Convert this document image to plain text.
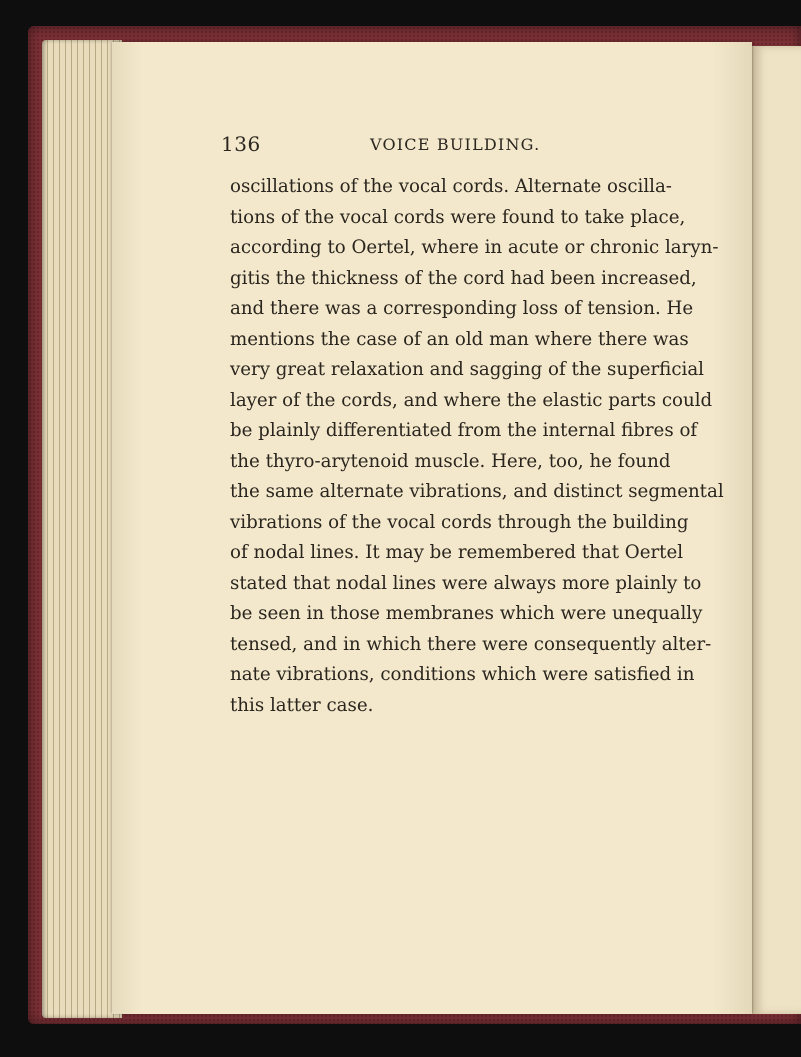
136	VOICE BUILDING.
oscillations of the vocal cords. Alternate oscilla-
tions of the vocal cords were found to take place,
according to Oertel, where in acute or chronic laryn-
gitis the thickness of the cord had been increased,
and there was a corresponding loss of tension. He
mentions the case of an old man where there was
very great relaxation and sagging of the superficial
layer of the cords, and where the elastic parts could
be plainly differentiated from the internal fibres of
the thyro-arytenoid muscle. Here, too, he found
the same alternate vibrations, and distinct segmental
vibrations of the vocal cords through the building
of nodal lines. It may be remembered that Oertel
stated that nodal lines were always more plainly to
be seen in those membranes which were unequally
tensed, and in which there were consequently alter-
nate vibrations, conditions which were satisfied in
this latter case.
